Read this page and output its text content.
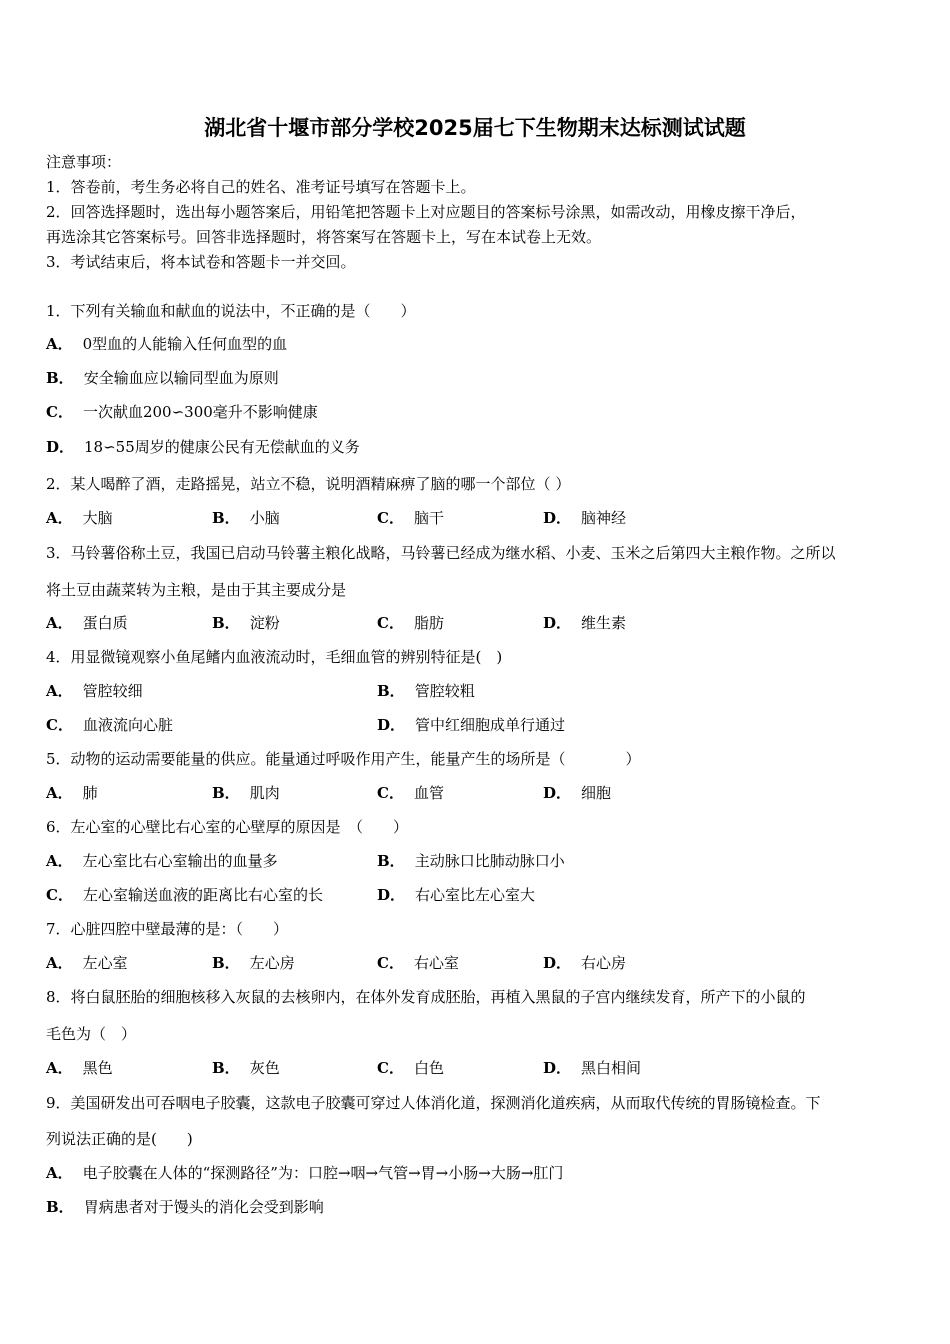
湖北省十堰市部分学校2025届七下生物期末达标测试试题
注意事项：
1．答卷前，考生务必将自己的姓名、准考证号填写在答题卡上。
2．回答选择题时，选出每小题答案后，用铅笔把答题卡上对应题目的答案标号涂黑，如需改动，用橡皮擦干净后，
再选涂其它答案标号。回答非选择题时，将答案写在答题卡上，写在本试卷上无效。
3．考试结束后，将本试卷和答题卡一并交回。
1．下列有关输血和献血的说法中，不正确的是（　　）
A． 0型血的人能输入任何血型的血
B． 安全输血应以输同型血为原则
C． 一次献血200∽300毫升不影响健康
D． 18∽55周岁的健康公民有无偿献血的义务
2．某人喝醉了酒，走路摇晃，站立不稳，说明酒精麻痹了脑的哪一个部位（ ）
A． 大脑	B． 小脑	C． 脑干	D． 脑神经
3．马铃薯俗称土豆，我国已启动马铃薯主粮化战略，马铃薯已经成为继水稻、小麦、玉米之后第四大主粮作物。之所以
将土豆由蔬菜转为主粮，是由于其主要成分是
A． 蛋白质	B． 淀粉	C． 脂肪	D． 维生素
4．用显微镜观察小鱼尾鳍内血液流动时，毛细血管的辨别特征是(　)
A． 管腔较细	B． 管腔较粗
C． 血液流向心脏	D． 管中红细胞成单行通过
5．动物的运动需要能量的供应。能量通过呼吸作用产生，能量产生的场所是（　　　　）
A． 肺	B． 肌肉	C． 血管	D． 细胞
6．左心室的心壁比右心室的心壁厚的原因是　（　　）
A． 左心室比右心室输出的血量多	B． 主动脉口比肺动脉口小
C． 左心室输送血液的距离比右心室的长	D． 右心室比左心室大
7．心脏四腔中壁最薄的是：（　　）
A． 左心室	B． 左心房	C． 右心室	D． 右心房
8．将白鼠胚胎的细胞核移入灰鼠的去核卵内，在体外发育成胚胎，再植入黑鼠的子宫内继续发育，所产下的小鼠的
毛色为（　）
A． 黑色	B． 灰色	C． 白色	D． 黑白相间
9．美国研发出可吞咽电子胶囊，这款电子胶囊可穿过人体消化道，探测消化道疾病，从而取代传统的胃肠镜检查。下
列说法正确的是(　　)
A． 电子胶囊在人体的“探测路径”为：口腔→咽→气管→胃→小肠→大肠→肛门
B． 胃病患者对于馒头的消化会受到影响
